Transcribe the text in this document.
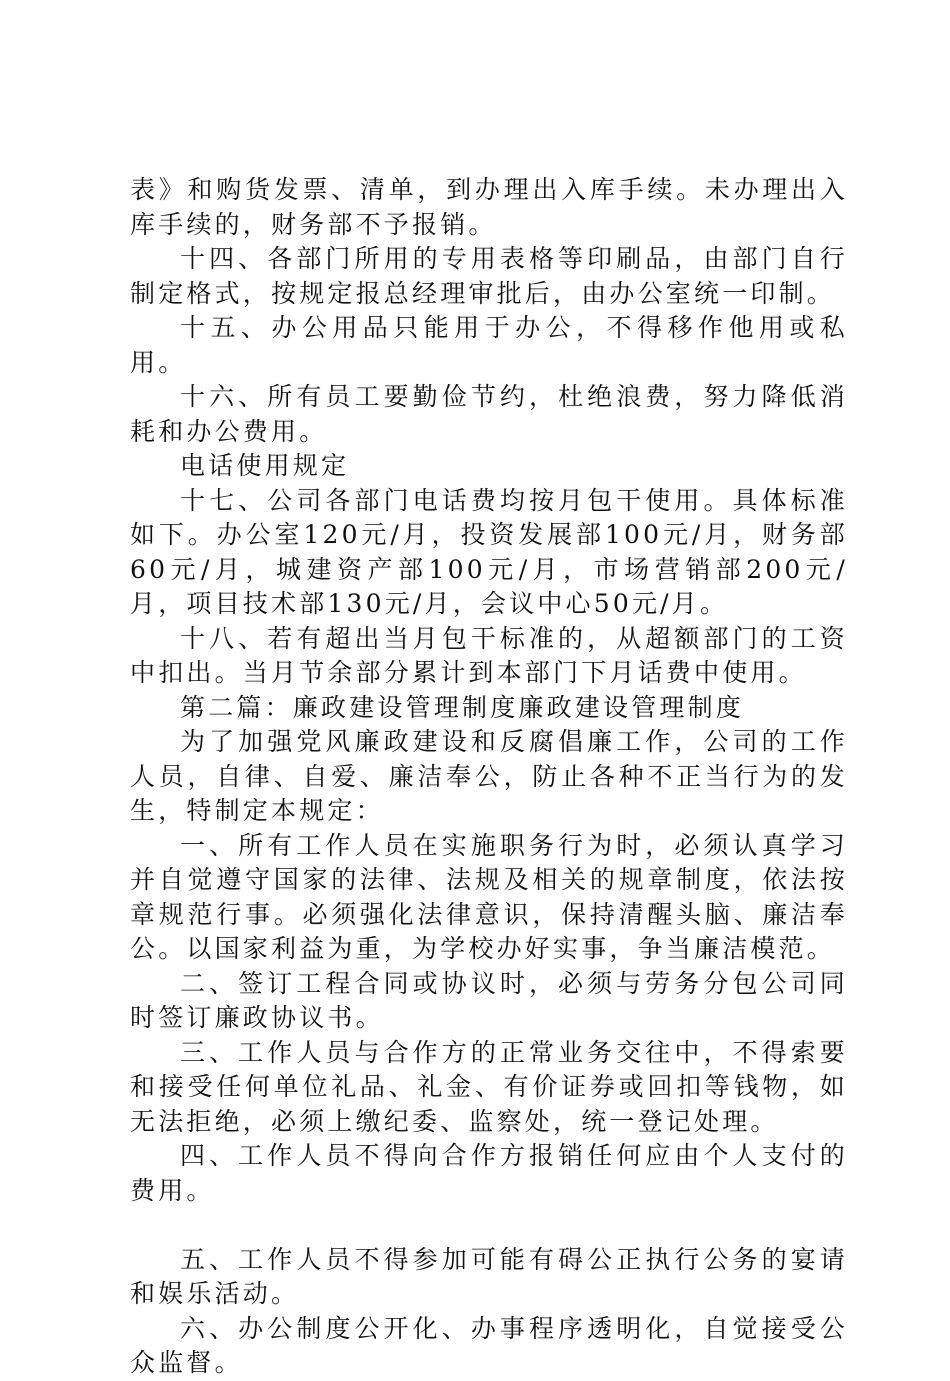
表》和购货发票、清单，到办理出入库手续。未办理出入库手续的，财务部不予报销。

十四、各部门所用的专用表格等印刷品，由部门自行制定格式，按规定报总经理审批后，由办公室统一印制。

十五、办公用品只能用于办公，不得移作他用或私用。

十六、所有员工要勤俭节约，杜绝浪费，努力降低消耗和办公费用。

电话使用规定

十七、公司各部门电话费均按月包干使用。具体标准如下。办公室120元/月，投资发展部100元/月，财务部60元/月，城建资产部100元/月，市场营销部200元/月，项目技术部130元/月，会议中心50元/月。

十八、若有超出当月包干标准的，从超额部门的工资中扣出。当月节余部分累计到本部门下月话费中使用。

第二篇：廉政建设管理制度廉政建设管理制度

为了加强党风廉政建设和反腐倡廉工作，公司的工作人员，自律、自爱、廉洁奉公，防止各种不正当行为的发生，特制定本规定：

一、所有工作人员在实施职务行为时，必须认真学习并自觉遵守国家的法律、法规及相关的规章制度，依法按章规范行事。必须强化法律意识，保持清醒头脑、廉洁奉公。以国家利益为重，为学校办好实事，争当廉洁模范。

二、签订工程合同或协议时，必须与劳务分包公司同时签订廉政协议书。

三、工作人员与合作方的正常业务交往中，不得索要和接受任何单位礼品、礼金、有价证券或回扣等钱物，如无法拒绝，必须上缴纪委、监察处，统一登记处理。

四、工作人员不得向合作方报销任何应由个人支付的费用。

五、工作人员不得参加可能有碍公正执行公务的宴请和娱乐活动。

六、办公制度公开化、办事程序透明化，自觉接受公众监督。
